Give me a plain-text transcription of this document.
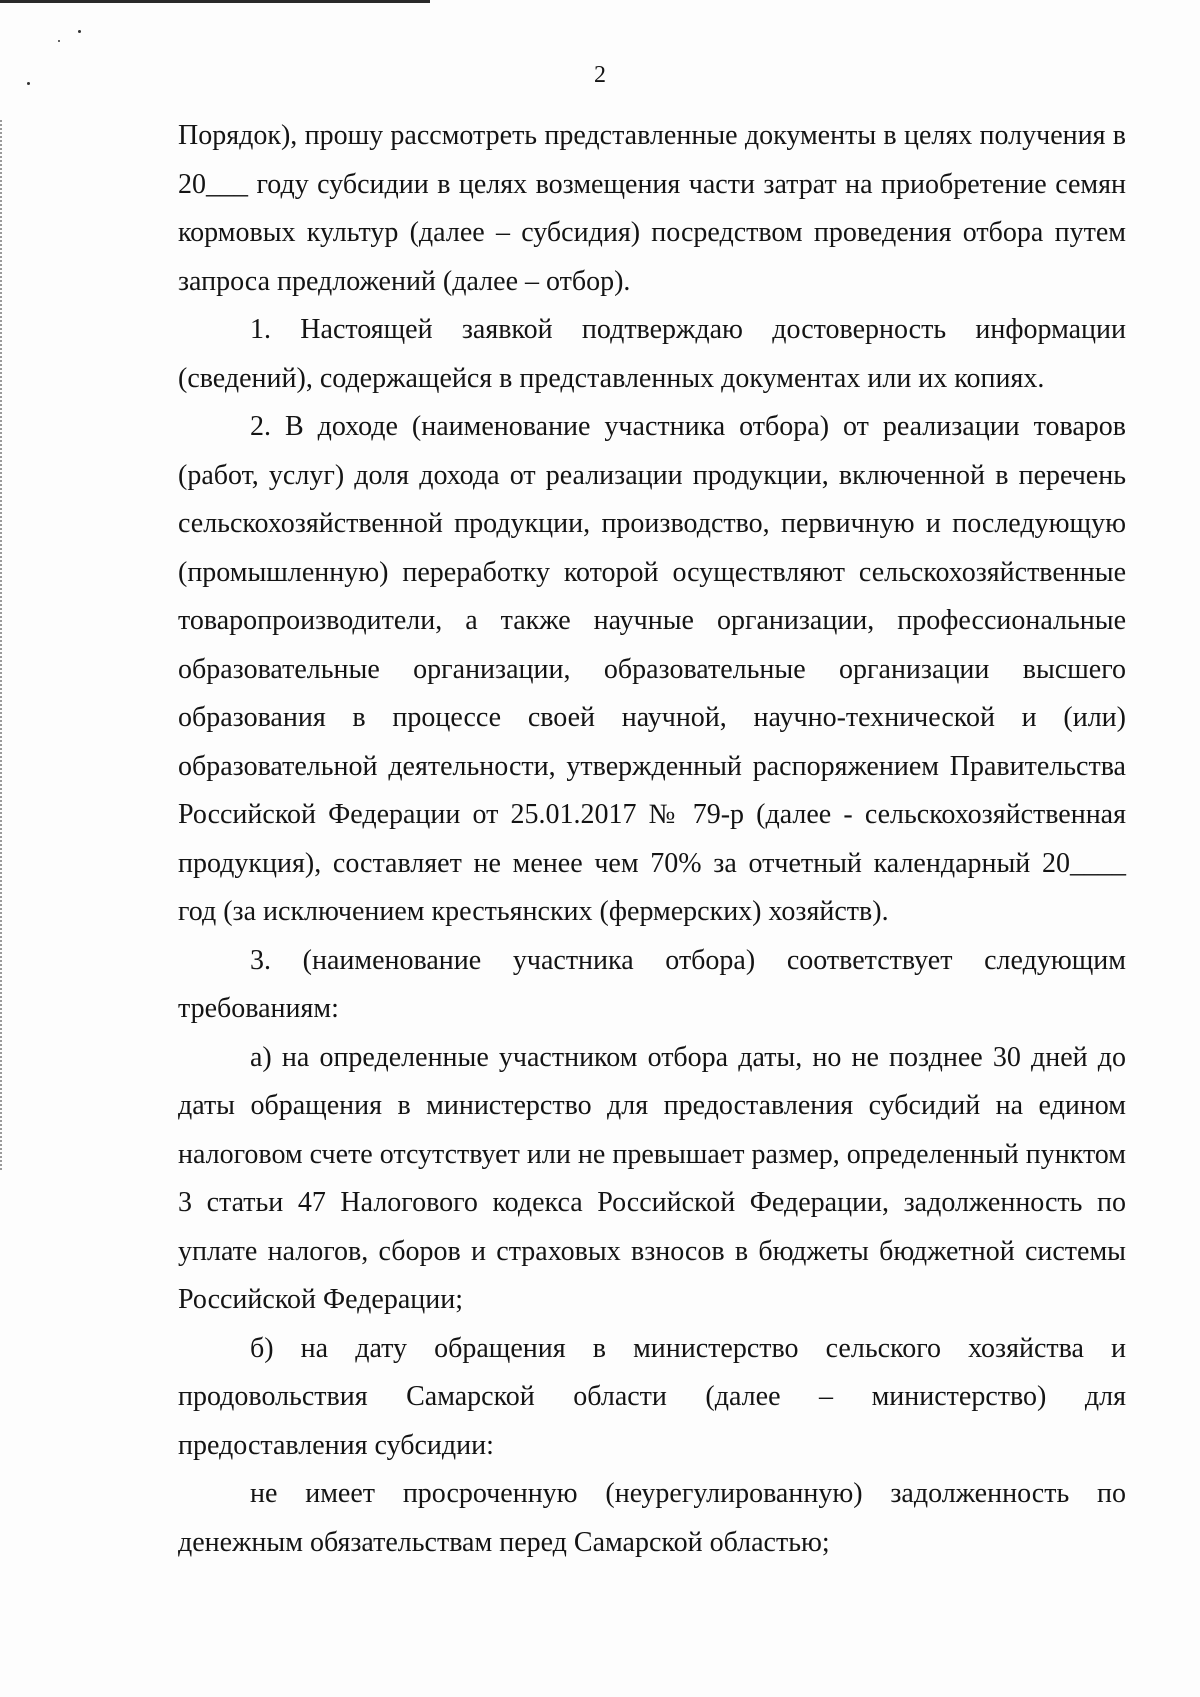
2

Порядок), прошу рассмотреть представленные документы в целях получения в 20___ году субсидии в целях возмещения части затрат на приобретение семян кормовых культур (далее – субсидия) посредством проведения отбора путем запроса предложений (далее – отбор).

1. Настоящей заявкой подтверждаю достоверность информации (сведений), содержащейся в представленных документах или их копиях.

2. В доходе (наименование участника отбора) от реализации товаров (работ, услуг) доля дохода от реализации продукции, включенной в перечень сельскохозяйственной продукции, производство, первичную и последующую (промышленную) переработку которой осуществляют сельскохозяйственные товаропроизводители, а также научные организации, профессиональные образовательные организации, образовательные организации высшего образования в процессе своей научной, научно-технической и (или) образовательной деятельности, утвержденный распоряжением Правительства Российской Федерации от 25.01.2017 № 79-р (далее - сельскохозяйственная продукция), составляет не менее чем 70% за отчетный календарный 20____ год (за исключением крестьянских (фермерских) хозяйств).

3. (наименование участника отбора) соответствует следующим требованиям:

а) на определенные участником отбора даты, но не позднее 30 дней до даты обращения в министерство для предоставления субсидий на едином налоговом счете отсутствует или не превышает размер, определенный пунктом 3 статьи 47 Налогового кодекса Российской Федерации, задолженность по уплате налогов, сборов и страховых взносов в бюджеты бюджетной системы Российской Федерации;

б) на дату обращения в министерство сельского хозяйства и продовольствия Самарской области (далее – министерство) для предоставления субсидии:

не имеет просроченную (неурегулированную) задолженность по денежным обязательствам перед Самарской областью;
